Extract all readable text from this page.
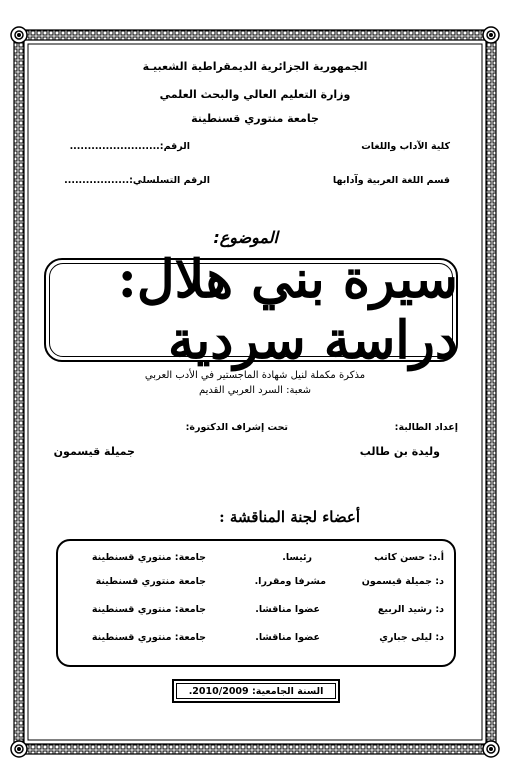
الجمهورية الجزائرية الديمقراطية الشعبيـة
وزارة التعليم العالي والبحث العلمي
جامعة منتوري قسنطينة
كلية الآداب واللغات
الرقم:.........................
قسم اللغة العربية وآدابها
الرقم التسلسلي:..................
الموضوع:
سيرة بني هلال: دراسة سردية
مذكرة مكملة لنيل شهادة الماجستير في الأدب العربي
شعبة: السرد العربي القديم
إعداد الطالبة:
تحت إشراف الدكتورة:
وليدة بن طالب
جميلة قيسمون
أعضاء لجنة المناقشة :
أ.د: حسن كاتب
رئيسا.
جامعة: منتوري قسنطينة
د: جميلة قيسمون
مشرفا ومقررا.
جامعة منتوري قسنطينة
د: رشيد الربيع
عضوا مناقشا.
جامعة: منتوري قسنطينة
د: ليلى جباري
عضوا مناقشا.
جامعة: منتوري قسنطينة
السنة الجامعية: 2010/2009.
